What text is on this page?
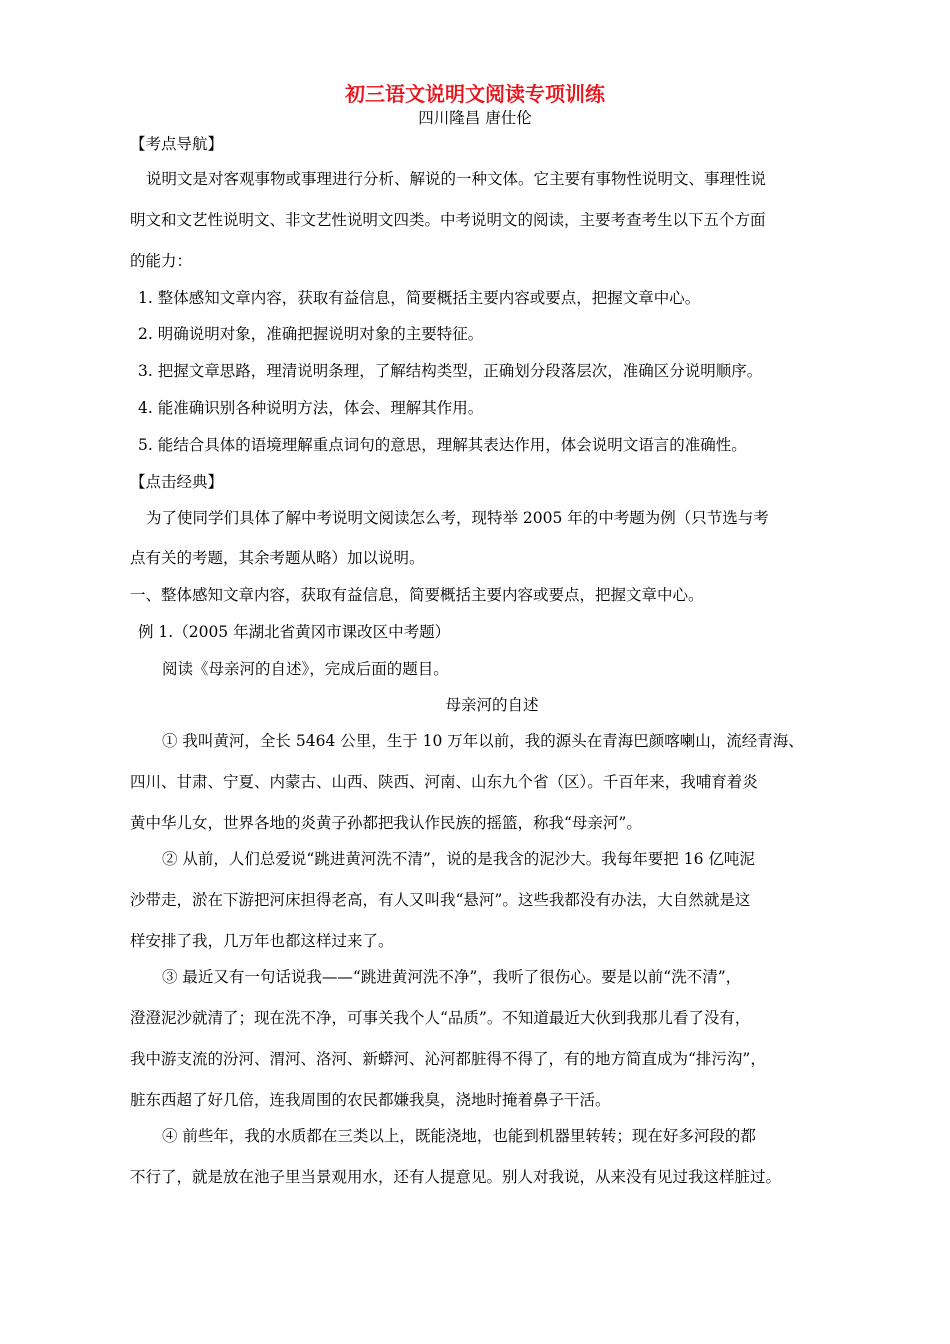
初三语文说明文阅读专项训练
四川隆昌 唐仕伦
【考点导航】
说明文是对客观事物或事理进行分析、解说的一种文体。它主要有事物性说明文、事理性说
明文和文艺性说明文、非文艺性说明文四类。中考说明文的阅读，主要考查考生以下五个方面
的能力：
1. 整体感知文章内容，获取有益信息，简要概括主要内容或要点，把握文章中心。
2. 明确说明对象，准确把握说明对象的主要特征。
3. 把握文章思路，理清说明条理，了解结构类型，正确划分段落层次，准确区分说明顺序。
4. 能准确识别各种说明方法，体会、理解其作用。
5. 能结合具体的语境理解重点词句的意思，理解其表达作用，体会说明文语言的准确性。
【点击经典】
为了使同学们具体了解中考说明文阅读怎么考，现特举 2005 年的中考题为例（只节选与考
点有关的考题，其余考题从略）加以说明。
一、整体感知文章内容，获取有益信息，简要概括主要内容或要点，把握文章中心。
例 1.（2005 年湖北省黄冈市课改区中考题）
阅读《母亲河的自述》，完成后面的题目。
母亲河的自述
① 我叫黄河，全长 5464 公里，生于 10 万年以前，我的源头在青海巴颜喀喇山，流经青海、
四川、甘肃、宁夏、内蒙古、山西、陕西、河南、山东九个省（区）。千百年来，我哺育着炎
黄中华儿女，世界各地的炎黄子孙都把我认作民族的摇篮，称我“母亲河”。
② 从前，人们总爱说“跳进黄河洗不清”，说的是我含的泥沙大。我每年要把 16 亿吨泥
沙带走，淤在下游把河床担得老高，有人又叫我“悬河”。这些我都没有办法，大自然就是这
样安排了我，几万年也都这样过来了。
③ 最近又有一句话说我——“跳进黄河洗不净”，我听了很伤心。要是以前“洗不清”，
澄澄泥沙就清了；现在洗不净，可事关我个人“品质”。不知道最近大伙到我那儿看了没有，
我中游支流的汾河、渭河、洛河、新蟒河、沁河都脏得不得了，有的地方简直成为“排污沟”，
脏东西超了好几倍，连我周围的农民都嫌我臭，浇地时掩着鼻子干活。
④ 前些年，我的水质都在三类以上，既能浇地，也能到机器里转转；现在好多河段的都
不行了，就是放在池子里当景观用水，还有人提意见。别人对我说，从来没有见过我这样脏过。
